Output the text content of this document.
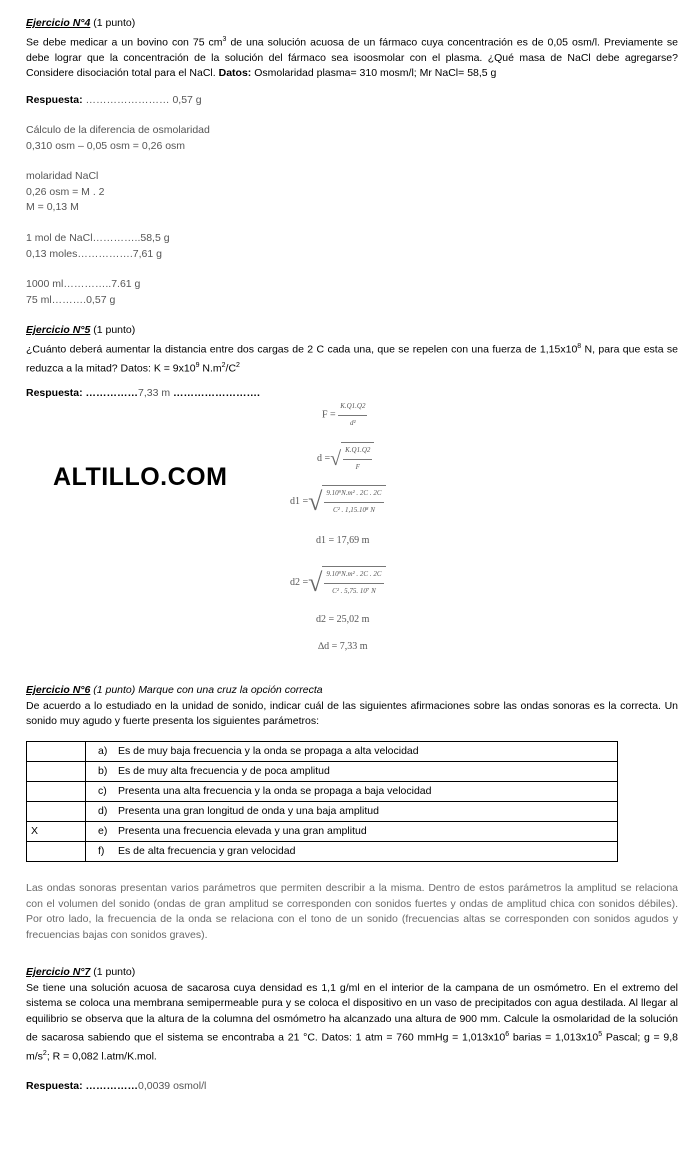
Ejercicio N°4 (1 punto)
Se debe medicar a un bovino con 75 $cm^3$ de una solución acuosa de un fármaco cuya concentración es de 0,05 osm/l. Previamente se debe lograr que la concentración de la solución del fármaco sea isoosmolar con el plasma. ¿Qué masa de NaCl debe agregarse? Considere disociación total para el NaCl. Datos: Osmolaridad plasma= 310 mosm/l; Mr NaCl= 58,5 g
Respuesta: …………………… 0,57 g
Cálculo de la diferencia de osmolaridad
0,310 osm – 0,05 osm = 0,26 osm
molaridad NaCl
0,26 osm = M . 2
M = 0,13 M
1 mol de NaCl…………..58,5 g
0,13 moles…………….7,61 g
1000 ml…………..7.61 g
75 ml……….0,57 g
Ejercicio N°5 (1 punto)
¿Cuánto deberá aumentar la distancia entre dos cargas de 2 C cada una, que se repelen con una fuerza de $1,15x10^8$ N, para que esta se reduzca a la mitad? Datos: $K = 9x10^9$ $N.m^2/C^2$
Respuesta: ……………7,33 m …………………….
$F = \frac{K.Q1.Q2}{\text{d²}}$
d =√ $\frac{K.Q1.Q2}{F}$
d1 =√ $\frac{\text{9.10⁹N.m² . 2C . 2C}}{\text{C² . 1,15.10⁸ N}}$
d1 = 17,69 m
d2 =√ $\frac{\text{9.10⁹N.m² . 2C . 2C}}{\text{C² . 5,75. 10⁷ N}}$
d2 = 25,02 m
∆d = 7,33 m
ALTILLO.COM
Ejercicio N°6 (1 punto) Marque con una cruz la opción correcta
De acuerdo a lo estudiado en la unidad de sonido, indicar cuál de las siguientes afirmaciones sobre las ondas sonoras es la correcta. Un sonido muy agudo y fuerte presenta los siguientes parámetros:
	a) Es de muy baja frecuencia y la onda se propaga a alta velocidad
	b) Es de muy alta frecuencia y de poca amplitud
	c) Presenta una alta frecuencia y la onda se propaga a baja velocidad
	d) Presenta una gran longitud de onda y una baja amplitud
X	e) Presenta una frecuencia elevada y una gran amplitud
	f) Es de alta frecuencia y gran velocidad
Las ondas sonoras presentan varios parámetros que permiten describir a la misma. Dentro de estos parámetros la amplitud se relaciona con el volumen del sonido (ondas de gran amplitud se corresponden con sonidos fuertes y ondas de amplitud chica con sonidos débiles). Por otro lado, la frecuencia de la onda se relaciona con el tono de un sonido (frecuencias altas se corresponden con sonidos agudos y frecuencias bajas con sonidos graves).
Ejercicio N°7 (1 punto)
Se tiene una solución acuosa de sacarosa cuya densidad es 1,1 g/ml en el interior de la campana de un osmómetro. En el extremo del sistema se coloca una membrana semipermeable pura y se coloca el dispositivo en un vaso de precipitados con agua destilada. Al llegar al equilibrio se observa que la altura de la columna del osmómetro ha alcanzado una altura de 900 mm. Calcule la osmolaridad de la solución de sacarosa sabiendo que el sistema se encontraba a 21 °C. Datos: 1 atm = 760 mmHg = $1,013x10^6$ barias = $1,013x10^5$ Pascal; g = 9,8 $m/s^2$; R = 0,082 l.atm/K.mol.
Respuesta: ……………0,0039 osmol/l
